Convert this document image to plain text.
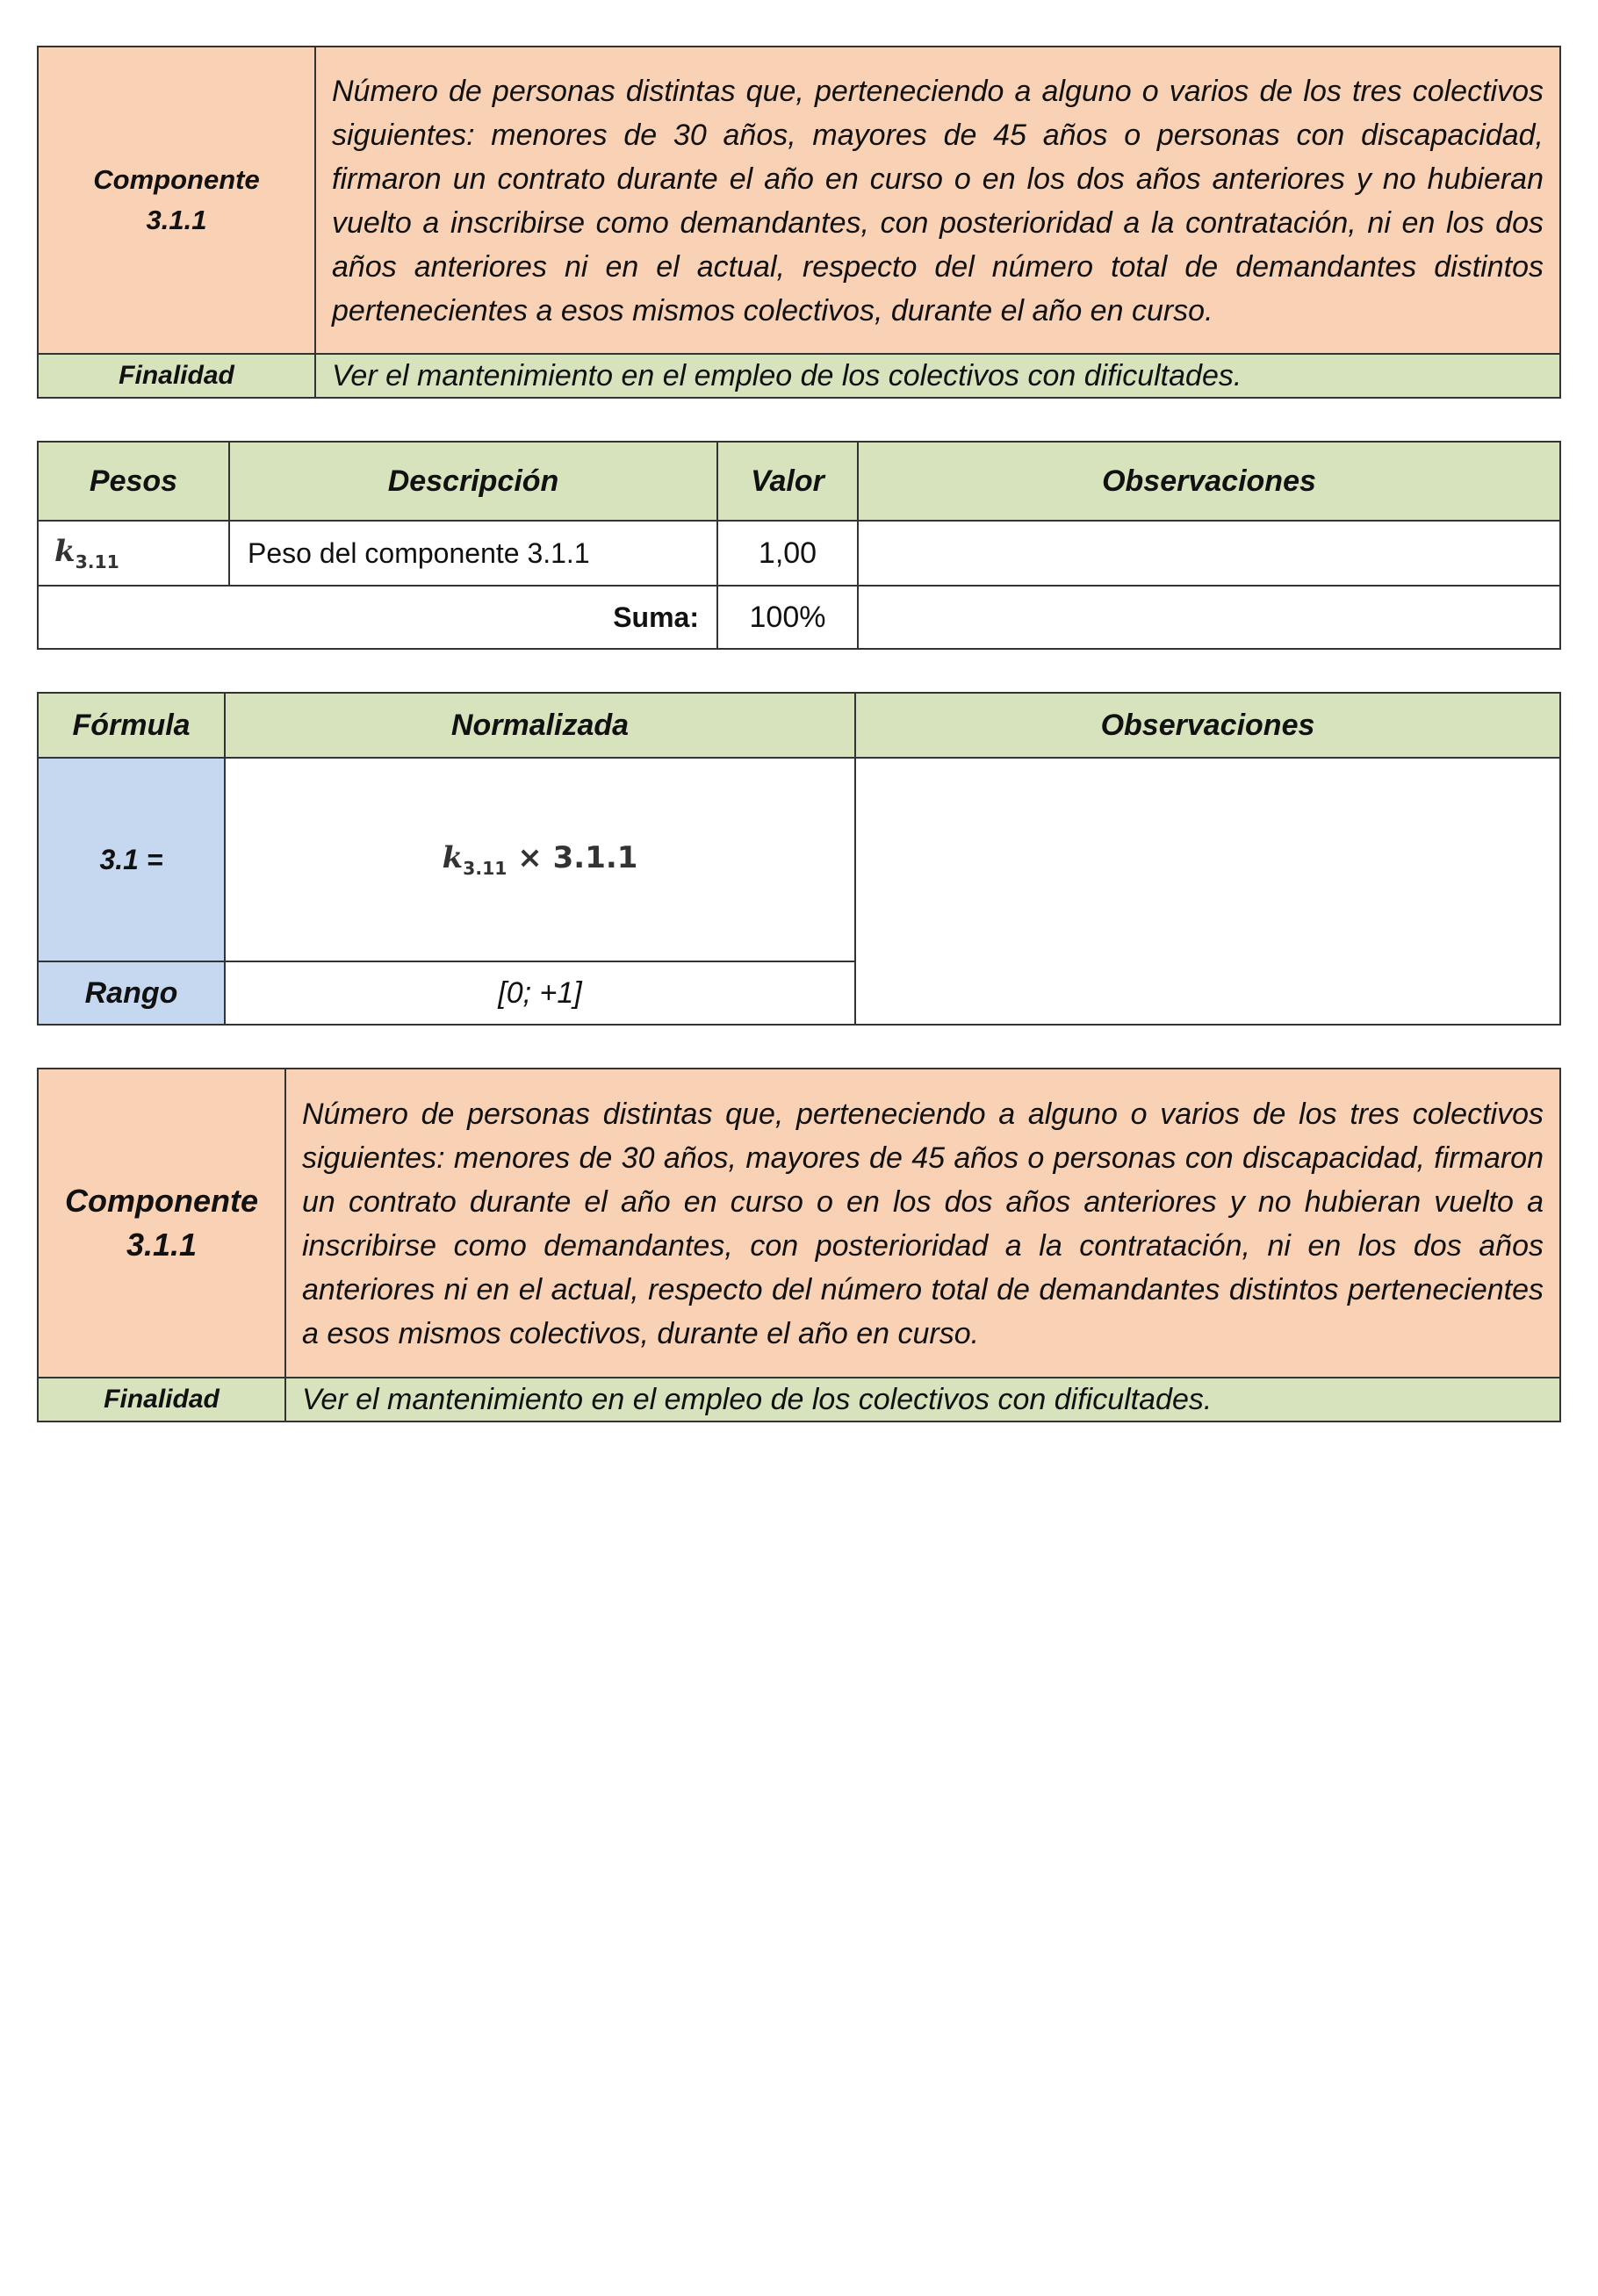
Componente
3.1.1	Número de personas distintas que, perteneciendo a alguno o varios de los tres colectivos siguientes: menores de 30 años, mayores de 45 años o personas con discapacidad, firmaron un contrato durante el año en curso o en los dos años anteriores y no hubieran vuelto a inscribirse como demandantes, con posterioridad a la contratación, ni en los dos años anteriores ni en el actual, respecto del número total de demandantes distintos pertenecientes a esos mismos colectivos, durante el año en curso.
Finalidad	Ver el mantenimiento en el empleo de los colectivos con dificultades.
Pesos	Descripción	Valor	Observaciones
$k_{3.11}$	Peso del componente 3.1.1	1,00	
Suma:		100%	
Fórmula	Normalizada	Observaciones
3.1 =	$k_{3.11} \times 3.1.1$	
Rango	[0; +1]	
Componente
3.1.1	Número de personas distintas que, perteneciendo a alguno o varios de los tres colectivos siguientes: menores de 30 años, mayores de 45 años o personas con discapacidad, firmaron un contrato durante el año en curso o en los dos años anteriores y no hubieran vuelto a inscribirse como demandantes, con posterioridad a la contratación, ni en los dos años anteriores ni en el actual, respecto del número total de demandantes distintos pertenecientes a esos mismos colectivos, durante el año en curso.
Finalidad	Ver el mantenimiento en el empleo de los colectivos con dificultades.
